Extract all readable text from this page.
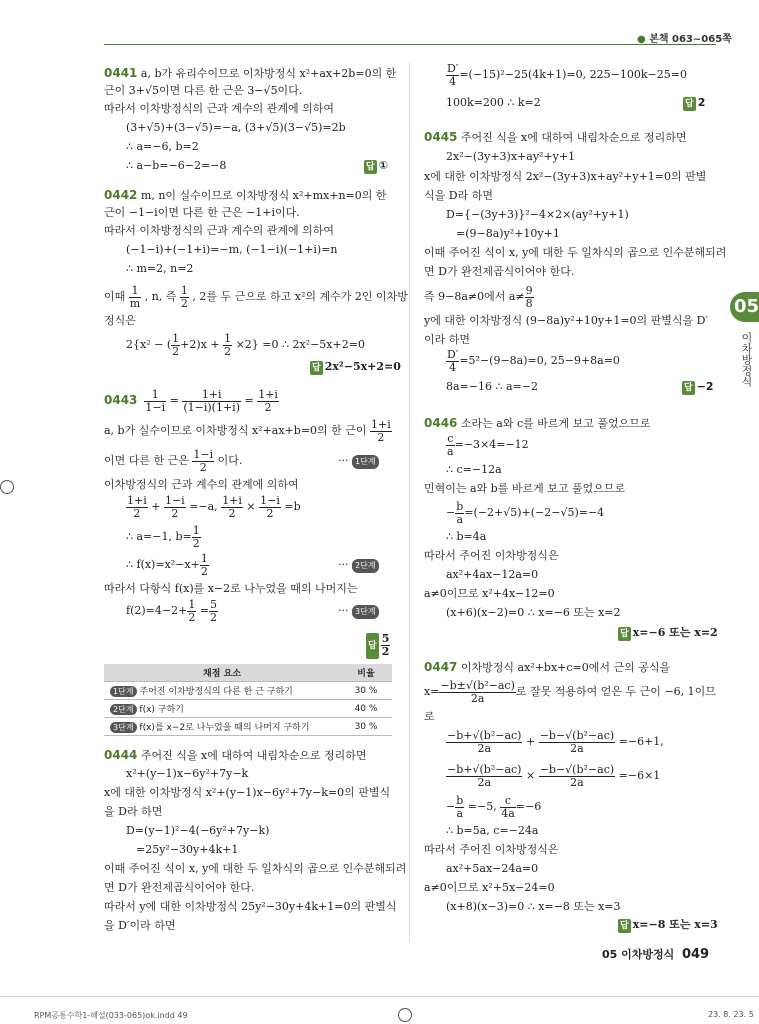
● 본책 063~065쪽
05
이차방정식
0441 a, b가 유리수이므로 이차방정식 x²+ax+2b=0의 한
근이 3+√5이면 다른 한 근은 3−√5이다.
따라서 이차방정식의 근과 계수의 관계에 의하여
(3+√5)+(3−√5)=−a, (3+√5)(3−√5)=2b
∴ a=−6, b=2
∴ a−b=−6−2=−8	답 ①
0442 m, n이 실수이므로 이차방정식 x²+mx+n=0의 한
근이 −1−i이면 다른 한 근은 −1+i이다.
따라서 이차방정식의 근과 계수의 관계에 의하여
(−1−i)+(−1+i)=−m, (−1−i)(−1+i)=n
∴ m=2, n=2
이때 $\frac{1}{m}$ , n, 즉 $\frac{1}{2}$ , 2를 두 근으로 하고 x²의 계수가 2인 이차방
정식은
2{x² − ( $\frac{1}{2} +2)x + \frac{1}{2} \times 2\} =0$ ∴ 2x²−5x+2=0
답 2x²−5x+2=0
$0443 \frac{1}{1-i} = \frac{1+i}{(1-i)(1+i)} = \frac{1+i}{2}$
a, b가 실수이므로 이차방정식 x²+ax+b=0의 한 근이 $\frac{1+i}{2}$
이면 다른 한 근은 $\frac{1-i}{2}$ 이다.	··· 1단계
이차방정식의 근과 계수의 관계에 의하여
$\frac{1+i}{2} + \frac{1-i}{2} =-a$, $\frac{1+i}{2} \times \frac{1-i}{2} =b$
∴ a=−1, $b= \frac{1}{2}$
∴ $f(x)=x^2-x+ \frac{1}{2}$	··· 2단계
따라서 다항식 f(x)를 x−2로 나누었을 때의 나머지는
$f(2)=4-2+ \frac{1}{2} = \frac{5}{2}$	··· 3단계
답 $\frac{5}{2}$
채점 요소	비율
1단계 주어진 이차방정식의 다른 한 근 구하기	30 %
2단계 f(x) 구하기	40 %
3단계 f(x)를 x−2로 나누었을 때의 나머지 구하기	30 %
0444 주어진 식을 x에 대하여 내림차순으로 정리하면
x²+(y−1)x−6y²+7y−k
x에 대한 이차방정식 x²+(y−1)x−6y²+7y−k=0의 판별식
을 D라 하면
D=(y−1)²−4(−6y²+7y−k)
=25y²−30y+4k+1
이때 주어진 식이 x, y에 대한 두 일차식의 곱으로 인수분해되려
면 D가 완전제곱식이어야 한다.
따라서 y에 대한 이차방정식 25y²−30y+4k+1=0의 판별식
을 D′이라 하면
$\frac{D'}{4} =(-15)^2-25(4k+1)=0$, 225−100k−25=0
100k=200 ∴ k=2	답 2
0445 주어진 식을 x에 대하여 내림차순으로 정리하면
2x²−(3y+3)x+ay²+y+1
x에 대한 이차방정식 2x²−(3y+3)x+ay²+y+1=0의 판별
식을 D라 하면
D={−(3y+3)}²−4×2×(ay²+y+1)
=(9−8a)y²+10y+1
이때 주어진 식이 x, y에 대한 두 일차식의 곱으로 인수분해되려
면 D가 완전제곱식이어야 한다.
즉 9−8a≠0에서 $a\ne \frac{9}{8}$
y에 대한 이차방정식 (9−8a)y²+10y+1=0의 판별식을 D′
이라 하면
$\frac{D'}{4} =5^2-(9-8a)=0$, 25−9+8a=0
8a=−16 ∴ a=−2	답 −2
0446 소라는 a와 c를 바르게 보고 풀었으므로
$\frac{c}{a} =-3\times 4=-12$
∴ c=−12a
민혁이는 a와 b를 바르게 보고 풀었으므로
− $\frac{b}{a} =(-2+√5)+(-2-√5)=-4$
∴ b=4a
따라서 주어진 이차방정식은
ax²+4ax−12a=0
a≠0이므로 x²+4x−12=0
(x+6)(x−2)=0 ∴ x=−6 또는 x=2
답 x=−6 또는 x=2
0447 이차방정식 ax²+bx+c=0에서 근의 공식을
$x= \frac{\text{−b±√(b²−ac)}}{2a}$ 로 잘못 적용하여 얻은 두 근이 −6, 1이므
로
$\frac{\text{−b+√(b²−ac)}}{2a} + \frac{\text{−b−√(b²−ac)}}{2a} =-6+1$,
$\frac{\text{−b+√(b²−ac)}}{2a} \times \frac{\text{−b−√(b²−ac)}}{2a} =-6\times 1$
− $\frac{b}{a} =-5$, $\frac{c}{4a} =-6$
∴ b=5a, c=−24a
따라서 주어진 이차방정식은
ax²+5ax−24a=0
a≠0이므로 x²+5x−24=0
(x+8)(x−3)=0 ∴ x=−8 또는 x=3
답 x=−8 또는 x=3
05 이차방정식 049
RPM공통수학1-해설(033-065)ok.indd 49	23. 8. 23. 5
